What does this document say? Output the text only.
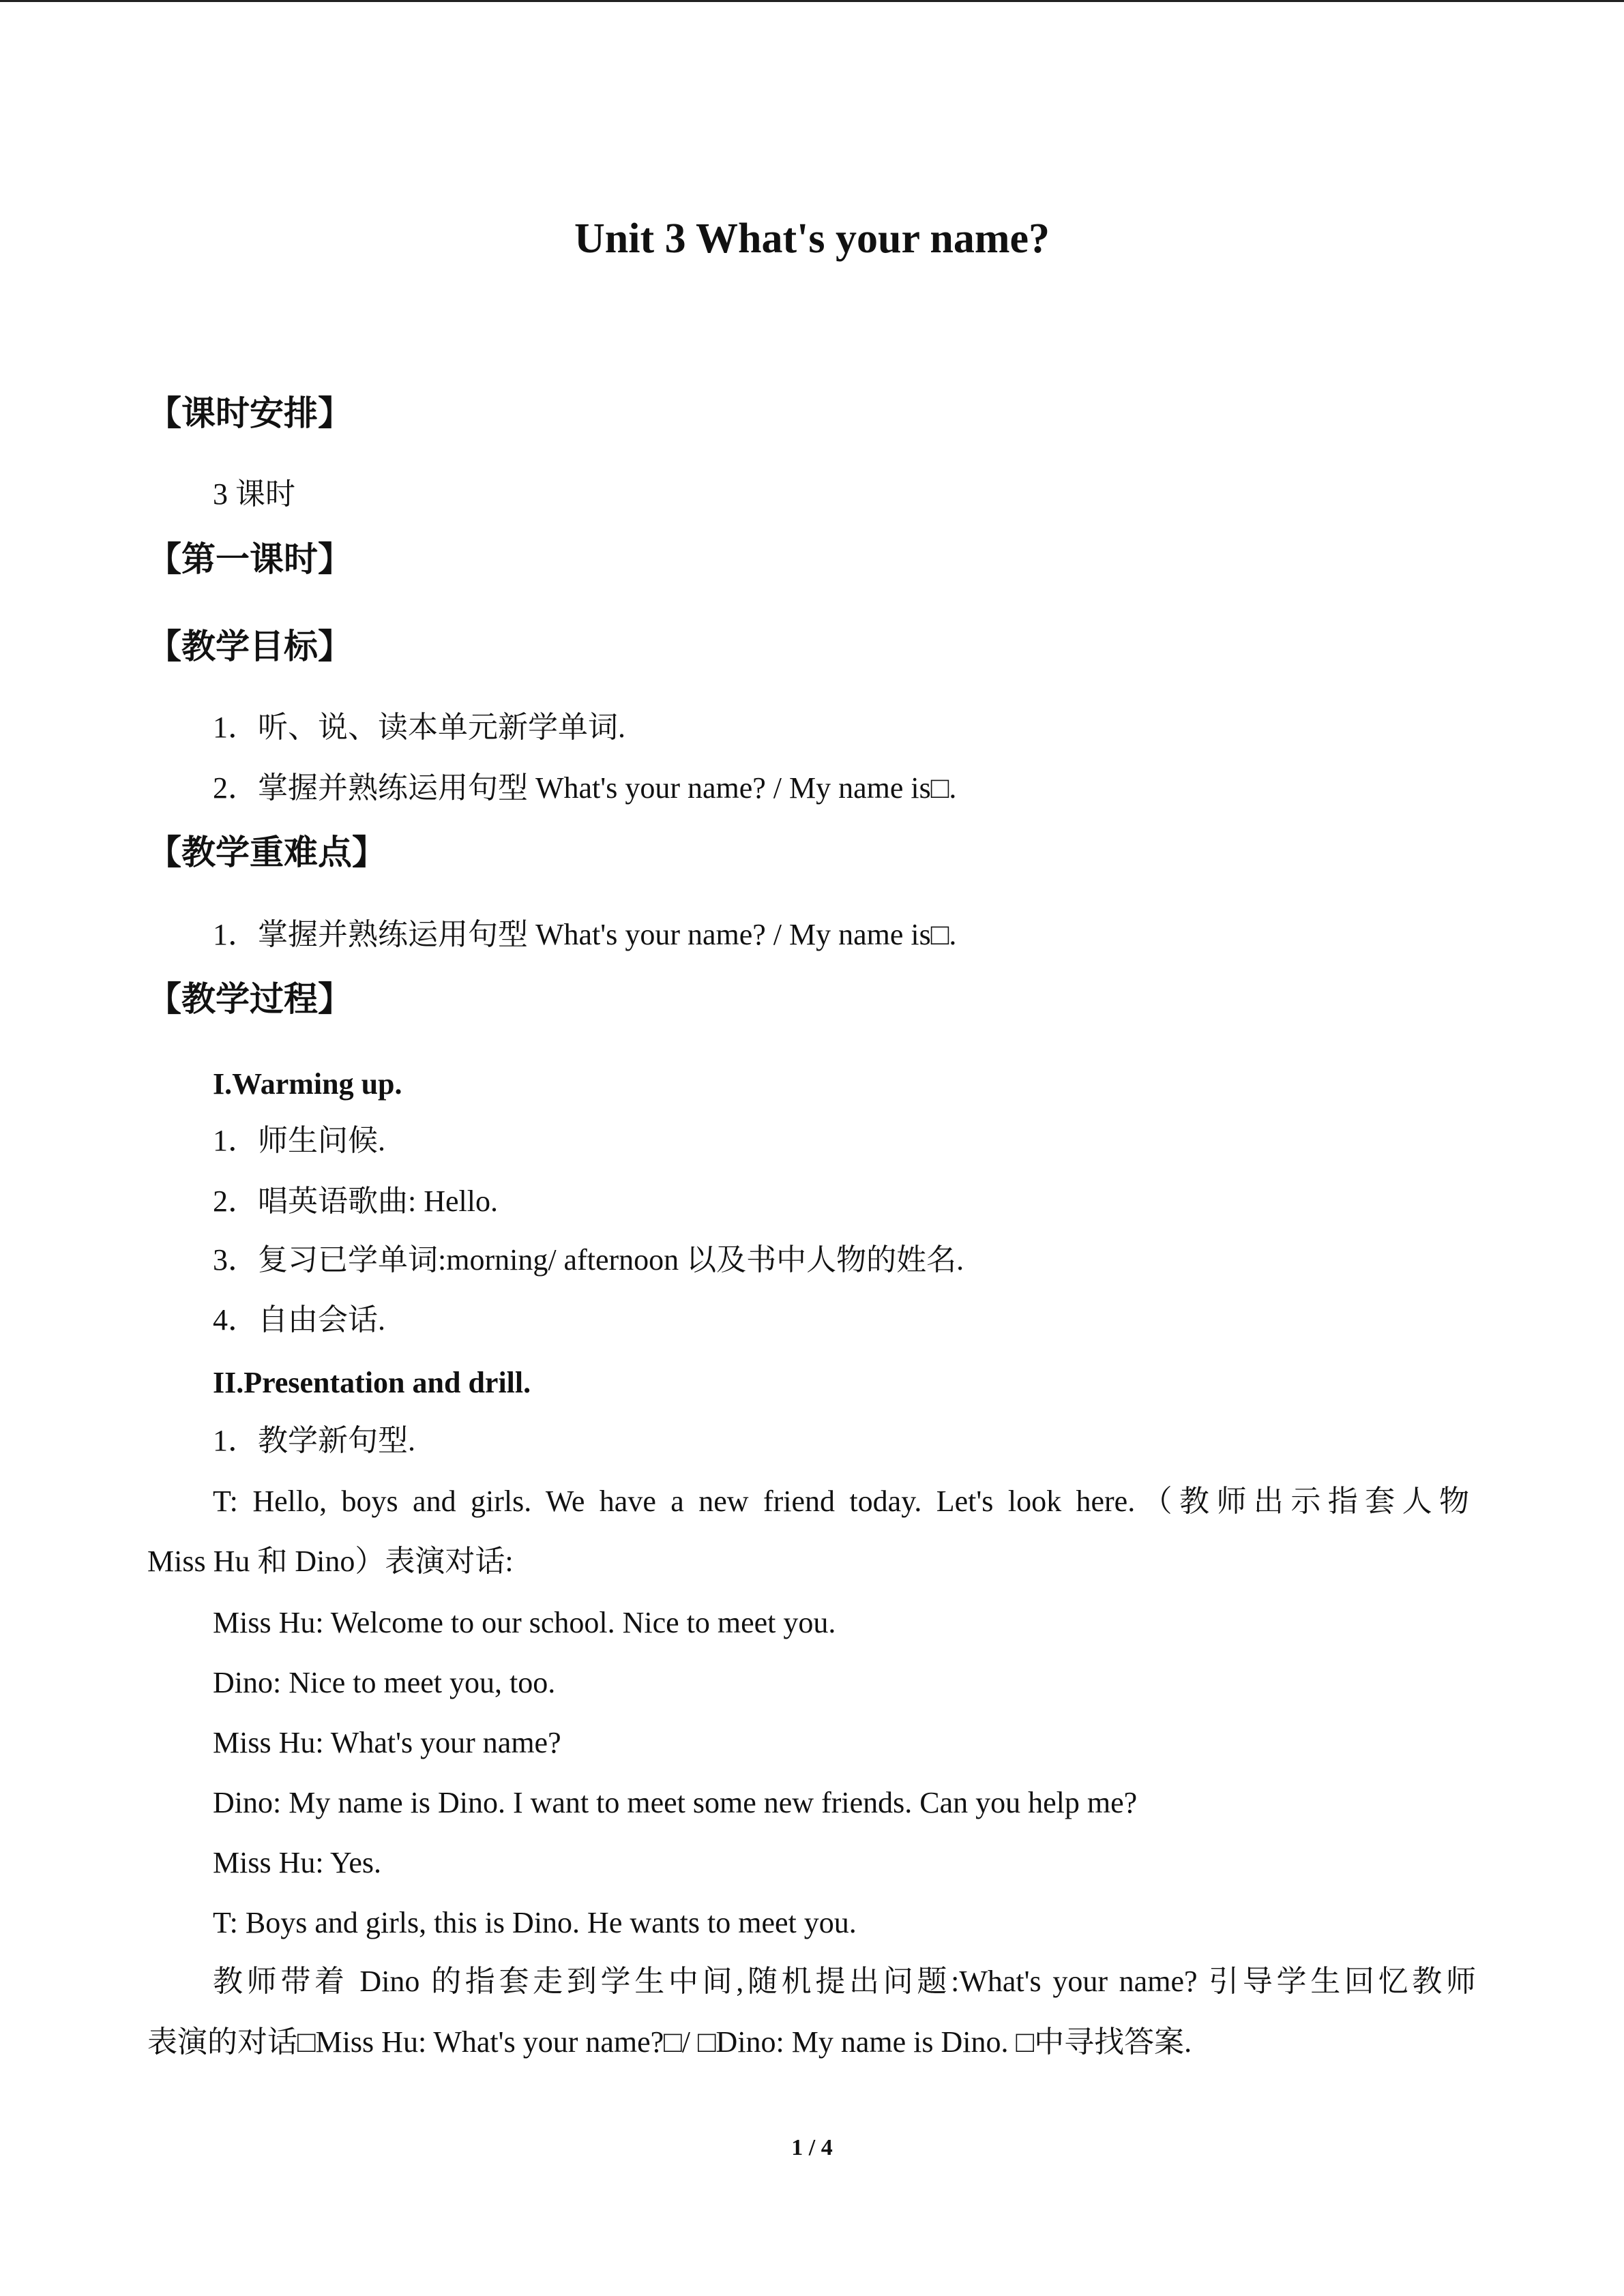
Unit 3 What's your name?
【课时安排】
3 课时
【第一课时】
【教学目标】
1．听、说、读本单元新学单词.
2．掌握并熟练运用句型 What's your name? / My name is□.
【教学重难点】
1．掌握并熟练运用句型 What's your name? / My name is□.
【教学过程】
I.Warming up.
1．师生问候.
2．唱英语歌曲: Hello.
3．复习已学单词:morning/ afternoon 以及书中人物的姓名.
4．自由会话.
II.Presentation and drill.
1．教学新句型.
T: Hello, boys and girls. We have a new friend today. Let's look here.（教师出示指套人物
Miss Hu 和 Dino）表演对话:
Miss Hu: Welcome to our school. Nice to meet you.
Dino: Nice to meet you, too.
Miss Hu: What's your name?
Dino: My name is Dino. I want to meet some new friends. Can you help me?
Miss Hu: Yes.
T: Boys and girls, this is Dino. He wants to meet you.
教师带着 Dino 的指套走到学生中间,随机提出问题:What's your name? 引导学生回忆教师
表演的对话□Miss Hu: What's your name?□/ □Dino: My name is Dino. □中寻找答案.
1 / 4
